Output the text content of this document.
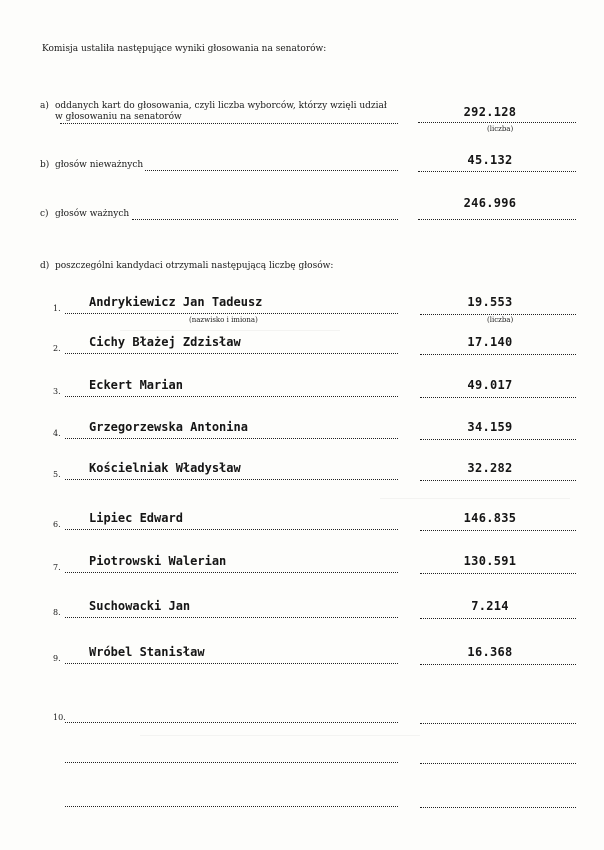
Komisja ustaliła następujące wyniki głosowania na senatorów:
a) oddanych kart do głosowania, czyli liczba wyborców, którzy wzięli udział
w głosowaniu na senatorów	292.128
(liczba)
b) głosów nieważnych	45.132
c) głosów ważnych
246.996
d) poszczególni kandydaci otrzymali następującą liczbę głosów:
(nazwisko i imiona)	(liczba)
1. Andrykiewicz Jan Tadeusz	19.553
2. Cichy Błażej Zdzisław	17.140
3. Eckert Marian	49.017
4. Grzegorzewska Antonina	34.159
5. Kościelniak Władysław	32.282
6. Lipiec Edward	146.835
7. Piotrowski Walerian	130.591
8. Suchowacki Jan	7.214
9. Wróbel Stanisław	16.368
10.
